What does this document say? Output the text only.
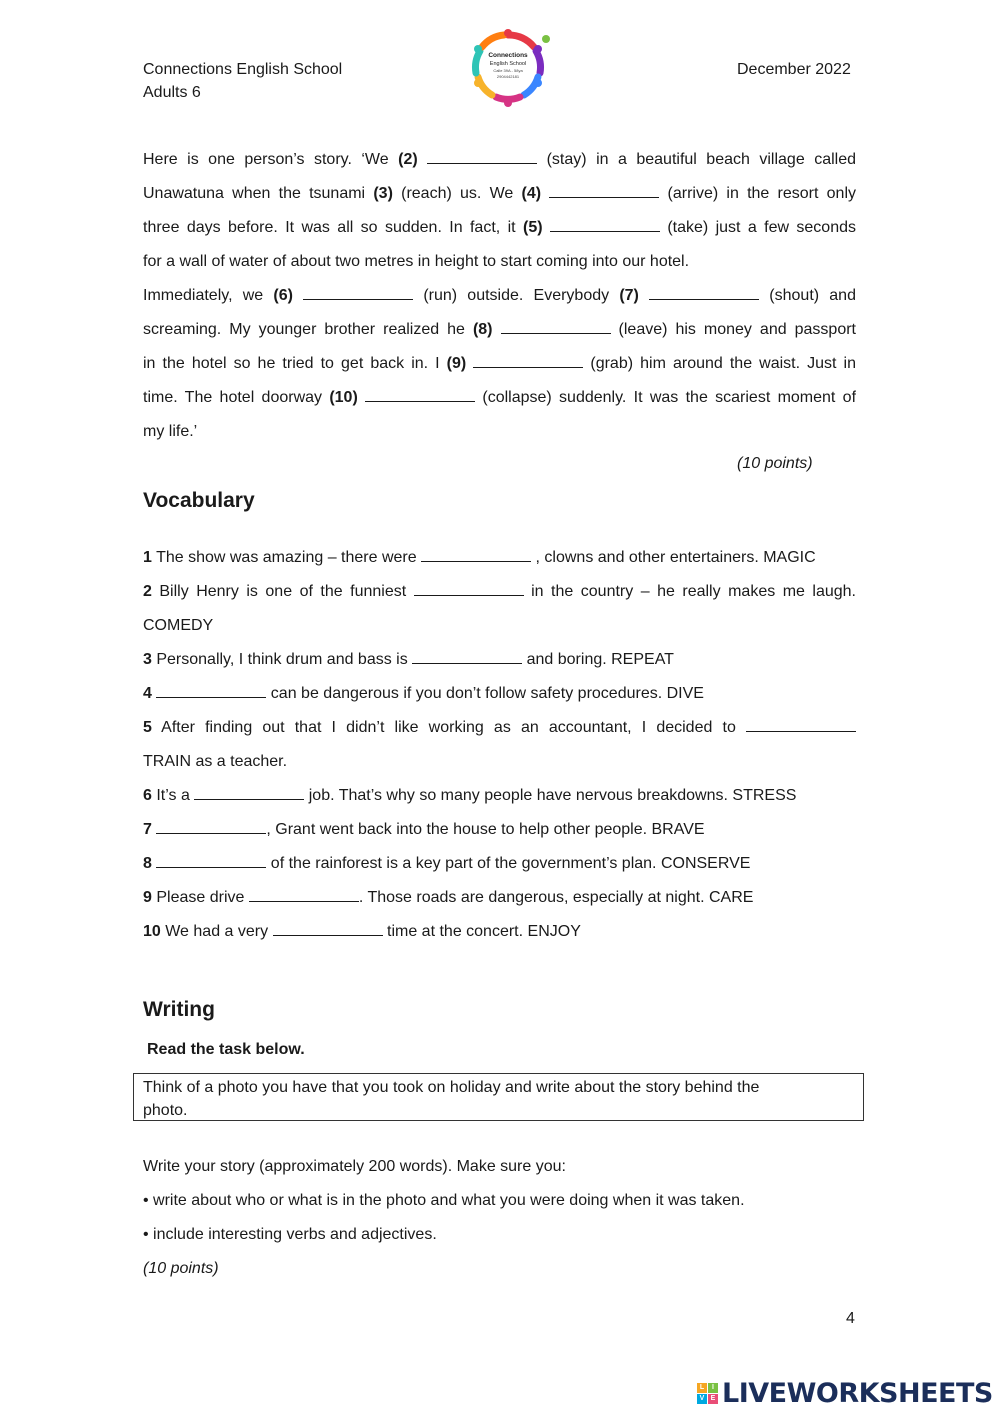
Connections English School
Adults 6
December 2022
Connections
English School
Calle 39A - 58ya
2904442181
Here is one person’s story. ‘We (2)	(stay) in a beautiful beach village called
Unawatuna when the tsunami (3) (reach) us. We (4)	(arrive) in the resort only
three days before. It was all so sudden. In fact, it (5)	(take) just a few seconds
for a wall of water of about two metres in height to start coming into our hotel.
Immediately, we (6)	(run) outside. Everybody (7)	(shout) and
screaming. My younger brother realized he (8)	(leave) his money and passport
in the hotel so he tried to get back in. I (9)	(grab) him around the waist. Just in
time. The hotel doorway (10)	(collapse) suddenly. It was the scariest moment of
my life.’
(10 points)
Vocabulary
1 The show was amazing – there were	, clowns and other entertainers. MAGIC
2 Billy Henry is one of the funniest	in the country – he really makes me laugh.
COMEDY
3 Personally, I think drum and bass is	and boring. REPEAT
4	can be dangerous if you don’t follow safety procedures. DIVE
5 After finding out that I didn’t like working as an accountant, I decided to
TRAIN as a teacher.
6 It’s a	job. That’s why so many people have nervous breakdowns. STRESS
7	, Grant went back into the house to help other people. BRAVE
8	of the rainforest is a key part of the government’s plan. CONSERVE
9 Please drive	. Those roads are dangerous, especially at night. CARE
10 We had a very	time at the concert. ENJOY
Writing
Read the task below.
Think of a photo you have that you took on holiday and write about the story behind the
photo.
Write your story (approximately 200 words). Make sure you:
• write about who or what is in the photo and what you were doing when it was taken.
• include interesting verbs and adjectives.
(10 points)
4
L	I
V E LIVEWORKSHEETS
